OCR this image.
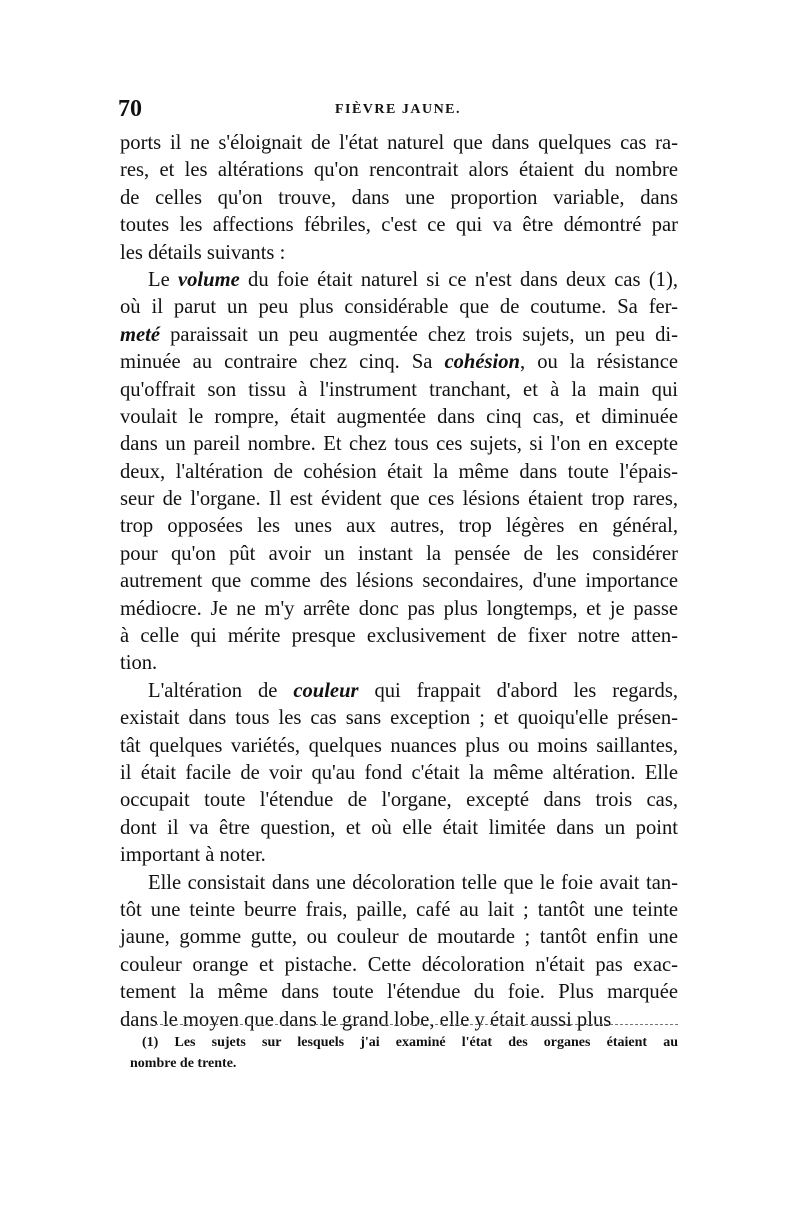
70	FIÈVRE JAUNE.
ports il ne s'éloignait de l'état naturel que dans quelques cas ra-
res, et les altérations qu'on rencontrait alors étaient du nombre
de celles qu'on trouve, dans une proportion variable, dans
toutes les affections fébriles, c'est ce qui va être démontré par
les détails suivants :
Le volume du foie était naturel si ce n'est dans deux cas (1),
où il parut un peu plus considérable que de coutume. Sa fer-
meté paraissait un peu augmentée chez trois sujets, un peu di-
minuée au contraire chez cinq. Sa cohésion, ou la résistance
qu'offrait son tissu à l'instrument tranchant, et à la main qui
voulait le rompre, était augmentée dans cinq cas, et diminuée
dans un pareil nombre. Et chez tous ces sujets, si l'on en excepte
deux, l'altération de cohésion était la même dans toute l'épais-
seur de l'organe. Il est évident que ces lésions étaient trop rares,
trop opposées les unes aux autres, trop légères en général,
pour qu'on pût avoir un instant la pensée de les considérer
autrement que comme des lésions secondaires, d'une importance
médiocre. Je ne m'y arrête donc pas plus longtemps, et je passe
à celle qui mérite presque exclusivement de fixer notre atten-
tion.
L'altération de couleur qui frappait d'abord les regards,
existait dans tous les cas sans exception ; et quoiqu'elle présen-
tât quelques variétés, quelques nuances plus ou moins saillantes,
il était facile de voir qu'au fond c'était la même altération. Elle
occupait toute l'étendue de l'organe, excepté dans trois cas,
dont il va être question, et où elle était limitée dans un point
important à noter.
Elle consistait dans une décoloration telle que le foie avait tan-
tôt une teinte beurre frais, paille, café au lait ; tantôt une teinte
jaune, gomme gutte, ou couleur de moutarde ; tantôt enfin une
couleur orange et pistache. Cette décoloration n'était pas exac-
tement la même dans toute l'étendue du foie. Plus marquée
dans le moyen que dans le grand lobe, elle y était aussi plus
(1) Les sujets sur lesquels j'ai examiné l'état des organes étaient au
nombre de trente.
